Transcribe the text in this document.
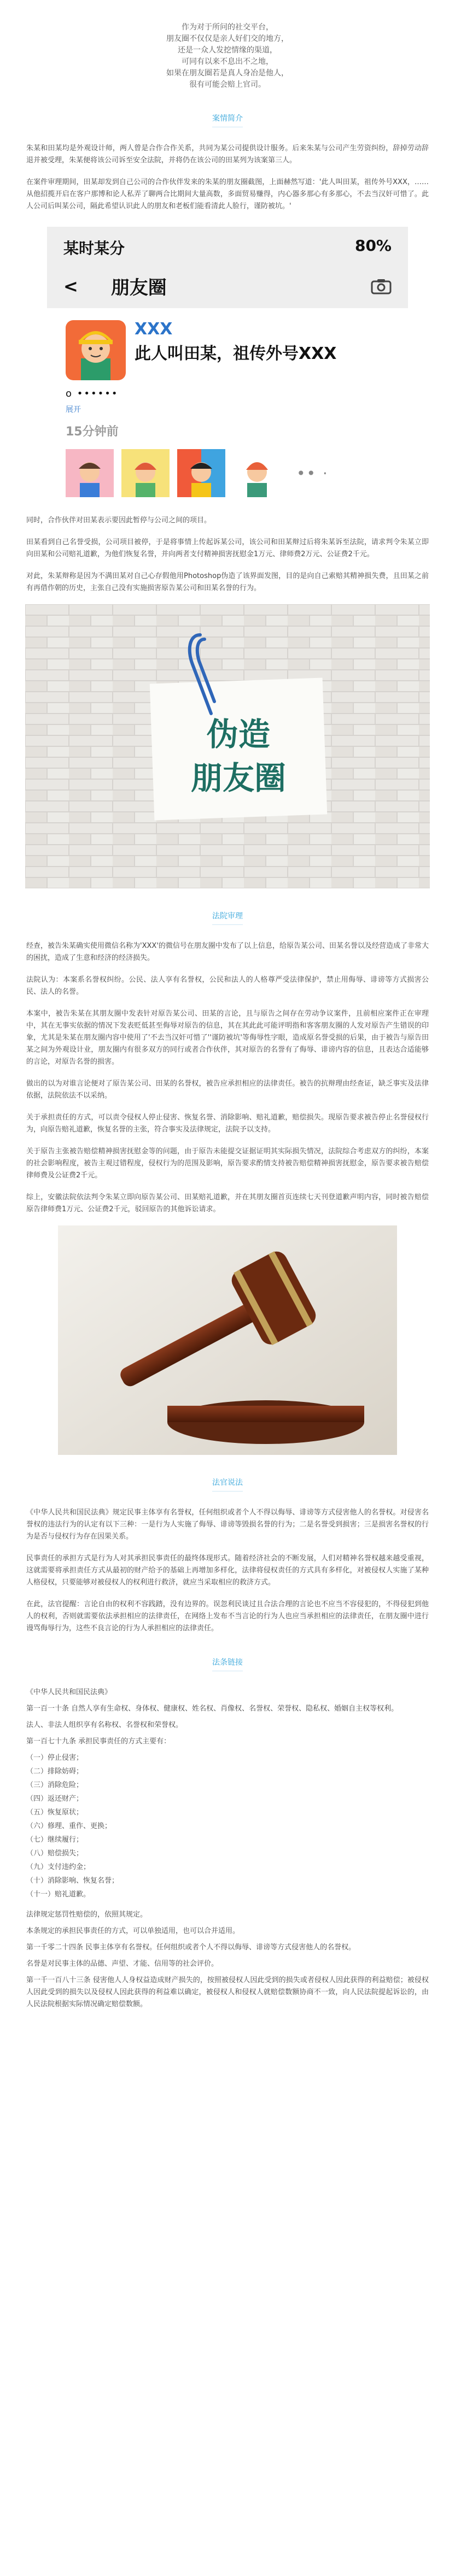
作为对于所问的社交平台，
朋友圈不仅仅是亲人好们交的地方，
还是一众人发挖情缘的渠道，
可同有以来不息出不之地，
如果在朋友圈若是真人身冶是他人，
很有可能会赔上官司。
案情简介

朱某和田某均是外观设计师，两人曾是合作合作关系，共同为某公司提供设计服务。后来朱某与公司产生劳资纠纷，辞掉劳动辞退并被受理，朱某便将该公司诉至安全法院，并将仍在该公司的田某列为该案第三人。

在案件审理期间，田某却发到自己公司的合作伙伴发来的朱某的朋友圈截图，上面赫然写道：'此人叫田某，祖传外号XXX，……从他招揽开启在客户那博和论人私弄了聊两合比期间大量高数，多面贸易赚得，内心器多那心有多那心，不去当汉奸可惜了。此人公司后叫某公司，隔此希望认识此人的朋友和老板们能看清此人脸行，谨防被坑。'

某时某分	80%
< 朋友圈
XXX
此人叫田某，祖传外号XXX
o ••••••
展开
15分钟前
•• ·

同时，合作伙伴对田某表示要因此暂停与公司之间的项目。

田某看到自己名誉受损，公司项目被停，于是将事情上传起诉某公司，该公司和田某辩过后将朱某诉至法院，请求判令朱某立即向田某和公司赔礼道歉，为他们恢复名誉，并向两者支付精神损害抚慰金1万元、律师费2万元、公证费2千元。

对此，朱某辩称是因为不满田某对自己心存假他用Photoshop伪造了该界面发图，目的是向自己索赔其精神损失费，且田某之前有再借作朝的历史，主张自己没有实施损害原告某公司和田某名誉的行为。

伪造
朋友圈
法院审理

经查，被告朱某确实使用微信名称为'XXX'的微信号在朋友圈中发布了以上信息，给原告某公司、田某名誉以及经营造成了非常大的困扰，造成了生意和经济的经济损失。

法院认为：本案系名誉权纠纷。公民、法人享有名誉权，公民和法人的人格尊严受法律保护，禁止用侮辱、诽谤等方式损害公民、法人的名誉。

本案中，被告朱某在其朋友圈中发表针对原告某公司、田某的言论，且与原告之间存在劳动争议案件，且前相应案件正在审理中，其在无事实依据的情况下发表贬低甚至侮辱对原告的信息，其在其此此可能评明指和客客朋友圈的人发对原告产生错误的印象，尤其是朱某在朋友圈内容中使用了'不去当汉奸可惜了''谨防被坑'等侮辱性字眼，造成原名誉受损的后果，由于被告与原告田某之间为外观设计业，朋友圈内有很多双方的同行或者合作伙伴，其对原告的名誉有了侮辱、诽谤内容的信息，且表达合适能够的言论，对原告名誉的损害。

做出的以为对谁言论便对了原告某公司、田某的名誉权，被告应承担相应的法律责任。被告的抗辩理由经查证，缺乏事实及法律依据，法院依法不以采纳。

关于承担责任的方式，可以责令侵权人停止侵害、恢复名誉、消除影响、赔礼道歉，赔偿损失。现原告要求被告停止名誉侵权行为，向原告赔礼道歉，恢复名誉的主张，符合事实及法律规定，法院予以支持。

关于原告主张被告赔偿精神损害抚慰金等的问题，由于原告未能提交证据证明其实际损失情况，法院综合考虑双方的纠纷，本案的社会影响程度，被告主观过错程度，侵权行为的范围及影响，原告要求酌情支持被告赔偿精神损害抚慰金，原告要求被告赔偿律师费及公证费2千元。

综上，安徽法院依法判令朱某立即向原告某公司、田某赔礼道歉，并在其朋友圈首页连续七天刊登道歉声明内容，同时被告赔偿原告律师费1万元、公证费2千元，驳回原告的其他诉讼请求。

法官说法

《中华人民共和国民法典》规定民事主体享有名誉权，任何组织或者个人不得以侮辱、诽谤等方式侵害他人的名誉权。对侵害名誉权的违法行为的认定有以下三种：一是行为人实施了侮辱、诽谤等毁损名誉的行为；二是名誉受到损害；三是损害名誉权的行为是否与侵权行为存在因果关系。

民事责任的承担方式是行为人对其承担民事责任的最终体现形式。随着经济社会的不断发展，人们对精神名誉权越来越受重视，这就需要将承担责任方式从最初的财产给予的基础上再增加多样化，法律将侵权责任的方式具有多样化，对被侵权人实施了某种人格侵权，只要能够对被侵权人的权利进行救济，就应当采取相应的救济方式。

在此，法官提醒：言论自由的权利不容践踏，没有边界的。误忽利民谈过且合法合理的言论也不应当不容侵犯的，不得侵犯到他人的权利，否则就需要依法承担相应的法律责任，在网络上发布不当言论的行为人也应当承担相应的法律责任，在朋友圈中进行谩骂侮辱行为，这些不良言论的行为人承担相应的法律责任。

法条链接

《中华人民共和国民法典》

第一百一十条 自然人享有生命权、身体权、健康权、姓名权、肖像权、名誉权、荣誉权、隐私权、婚姻自主权等权利。

法人、非法人组织享有名称权、名誉权和荣誉权。

第一百七十九条 承担民事责任的方式主要有：

（一）停止侵害；
（二）排除妨碍；
（三）消除危险；
（四）返还财产；
（五）恢复原状；
（六）修理、重作、更换；
（七）继续履行；
（八）赔偿损失；
（九）支付违约金；
（十）消除影响、恢复名誉；
（十一）赔礼道歉。

法律规定惩罚性赔偿的，依照其规定。

本条规定的承担民事责任的方式，可以单独适用，也可以合并适用。

第一千零二十四条 民事主体享有名誉权。任何组织或者个人不得以侮辱、诽谤等方式侵害他人的名誉权。

名誉是对民事主体的品德、声望、才能、信用等的社会评价。

第一千一百八十三条 侵害他人人身权益造成财产损失的，按照被侵权人因此受到的损失或者侵权人因此获得的利益赔偿；被侵权人因此受到的损失以及侵权人因此获得的利益难以确定，被侵权人和侵权人就赔偿数额协商不一致，向人民法院提起诉讼的，由人民法院根据实际情况确定赔偿数额。
